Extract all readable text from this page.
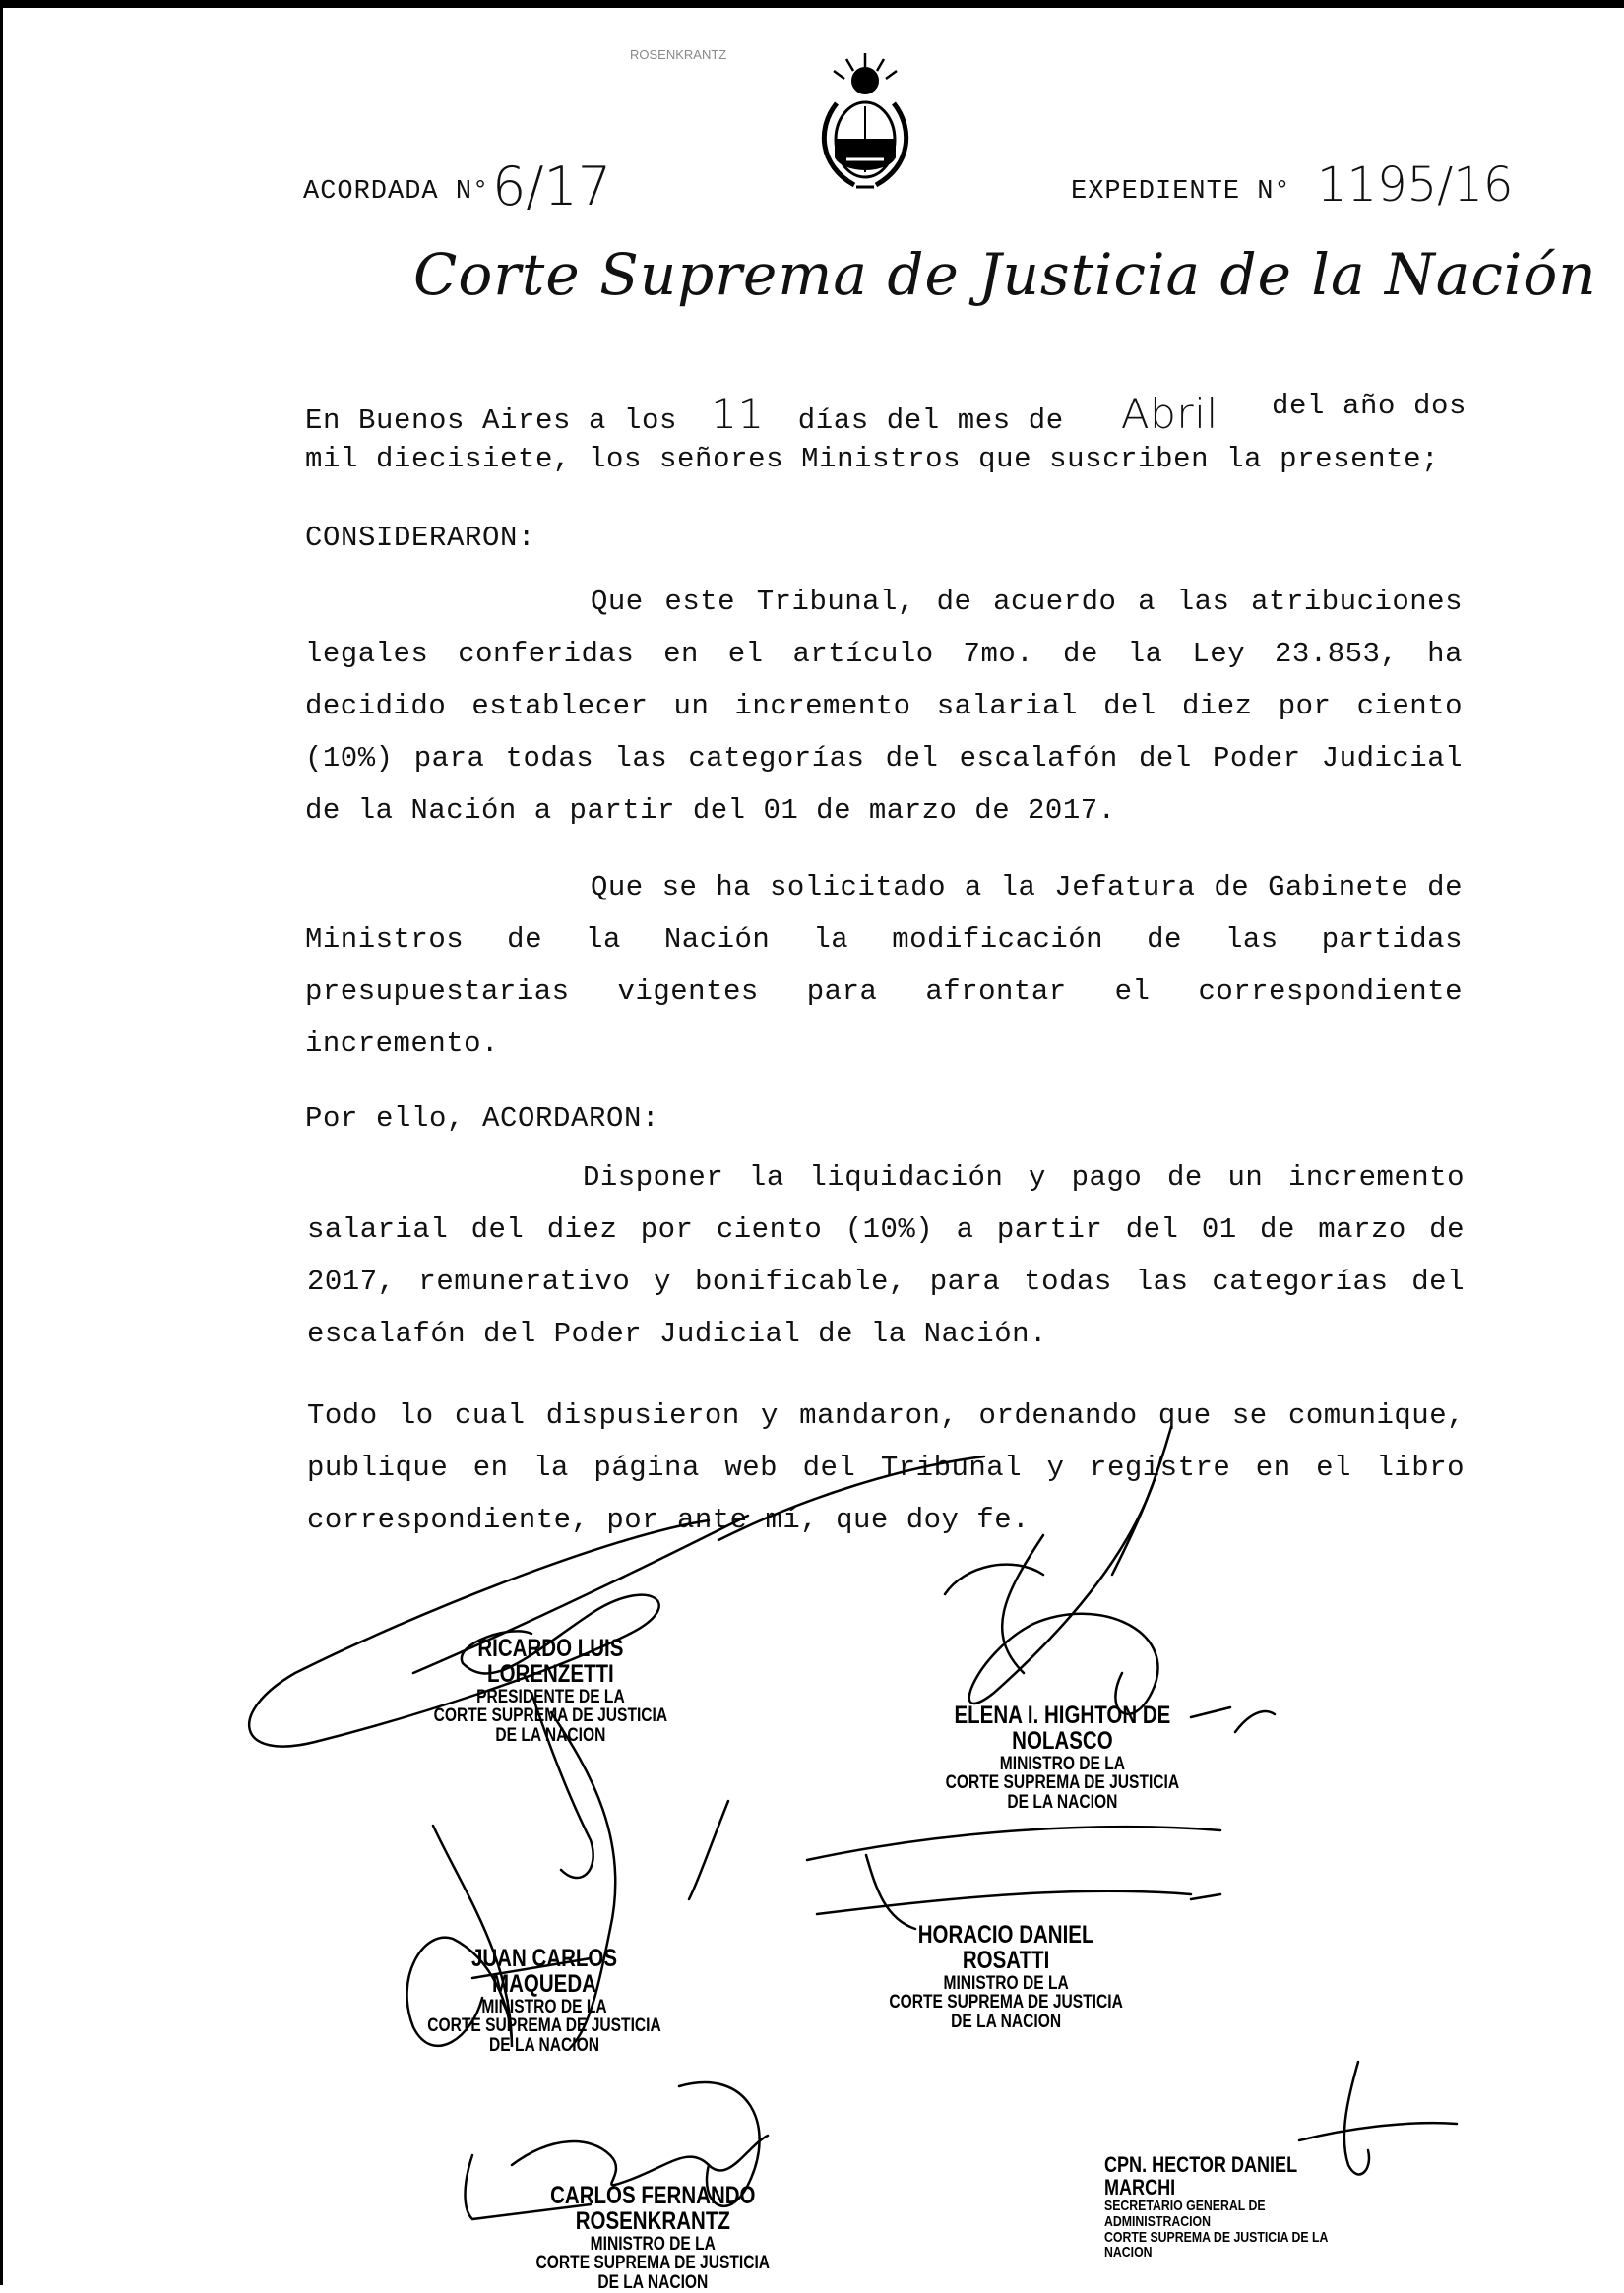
ROSENKRANTZ
ACORDADA N° 6/17	EXPEDIENTE N° 1195/16
Corte Suprema de Justicia de la Nación
En Buenos Aires a los 11 días del mes de Abril del año dos
mil diecisiete, los señores Ministros que suscriben la presente;
CONSIDERARON:
Que este Tribunal, de acuerdo a las atribuciones legales conferidas en el artículo 7mo. de la Ley 23.853, ha decidido establecer un incremento salarial del diez por ciento (10%) para todas las categorías del escalafón del Poder Judicial de la Nación a partir del 01 de marzo de 2017.
Que se ha solicitado a la Jefatura de Gabinete de Ministros de la Nación la modificación de las partidas presupuestarias vigentes para afrontar el correspondiente incremento.
Por ello, ACORDARON:
Disponer la liquidación y pago de un incremento salarial del diez por ciento (10%) a partir del 01 de marzo de 2017, remunerativo y bonificable, para todas las categorías del escalafón del Poder Judicial de la Nación.
Todo lo cual dispusieron y mandaron, ordenando que se comunique, publique en la página web del Tribunal y registre en el libro correspondiente, por ante mí, que doy fe.
RICARDO LUIS LORENZETTI
PRESIDENTE DE LA
CORTE SUPREMA DE JUSTICIA
DE LA NACION
ELENA I. HIGHTON DE NOLASCO
MINISTRO DE LA
CORTE SUPREMA DE JUSTICIA
DE LA NACION
JUAN CARLOS MAQUEDA
MINISTRO DE LA
CORTE SUPREMA DE JUSTICIA
DE LA NACION
HORACIO DANIEL ROSATTI
MINISTRO DE LA
CORTE SUPREMA DE JUSTICIA
DE LA NACION
CARLOS FERNANDO ROSENKRANTZ
MINISTRO DE LA
CORTE SUPREMA DE JUSTICIA
DE LA NACION
CPN. HECTOR DANIEL MARCHI
SECRETARIO GENERAL DE ADMINISTRACION
CORTE SUPREMA DE JUSTICIA DE LA NACION
